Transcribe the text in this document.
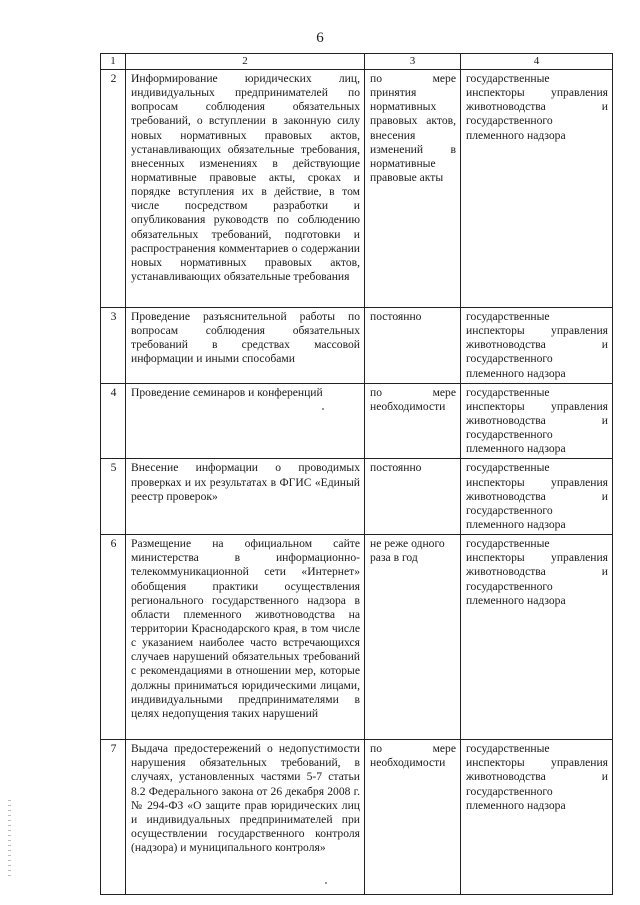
6
1	2	3	4
2	Информирование юридических лиц, индивидуальных предпринимателей по вопросам соблюдения обязательных требований, о вступлении в законную силу новых нормативных правовых актов, устанавливающих обязательные требования, внесенных изменениях в действующие нормативные правовые акты, сроках и порядке вступления их в действие, в том числе посредством разработки и опубликования руководств по соблюдению обязательных требований, подготовки и распространения комментариев о содержании новых нормативных правовых актов, устанавливающих обязательные требования	по мере принятия нормативных правовых актов, внесения изменений в нормативные правовые акты	государственные инспекторы управления животноводства и государственного племенного надзора
3	Проведение разъяснительной работы по вопросам соблюдения обязательных требований в средствах массовой информации и иными способами	постоянно	государственные инспекторы управления животноводства и государственного племенного надзора
4	Проведение семинаров и конференций	по мере необходимости	государственные инспекторы управления животноводства и государственного племенного надзора
5	Внесение информации о проводимых проверках и их результатах в ФГИС «Единый реестр проверок»	постоянно	государственные инспекторы управления животноводства и государственного племенного надзора
6	Размещение на официальном сайте министерства в информационно-телекоммуникационной сети «Интернет» обобщения практики осуществления регионального государственного надзора в области племенного животноводства на территории Краснодарского края, в том числе с указанием наиболее часто встречающихся случаев нарушений обязательных требований с рекомендациями в отношении мер, которые должны приниматься юридическими лицами, индивидуальными предпринимателями в целях недопущения таких нарушений	не реже одного раза в год	государственные инспекторы управления животноводства и государственного племенного надзора
7	Выдача предостережений о недопустимости нарушения обязательных требований, в случаях, установленных частями 5-7 статьи 8.2 Федерального закона от 26 декабря 2008 г. № 294-ФЗ «О защите прав юридических лиц и индивидуальных предпринимателей при осуществлении государственного контроля (надзора) и муниципального контроля»	по мере необходимости	государственные инспекторы управления животноводства и государственного племенного надзора
